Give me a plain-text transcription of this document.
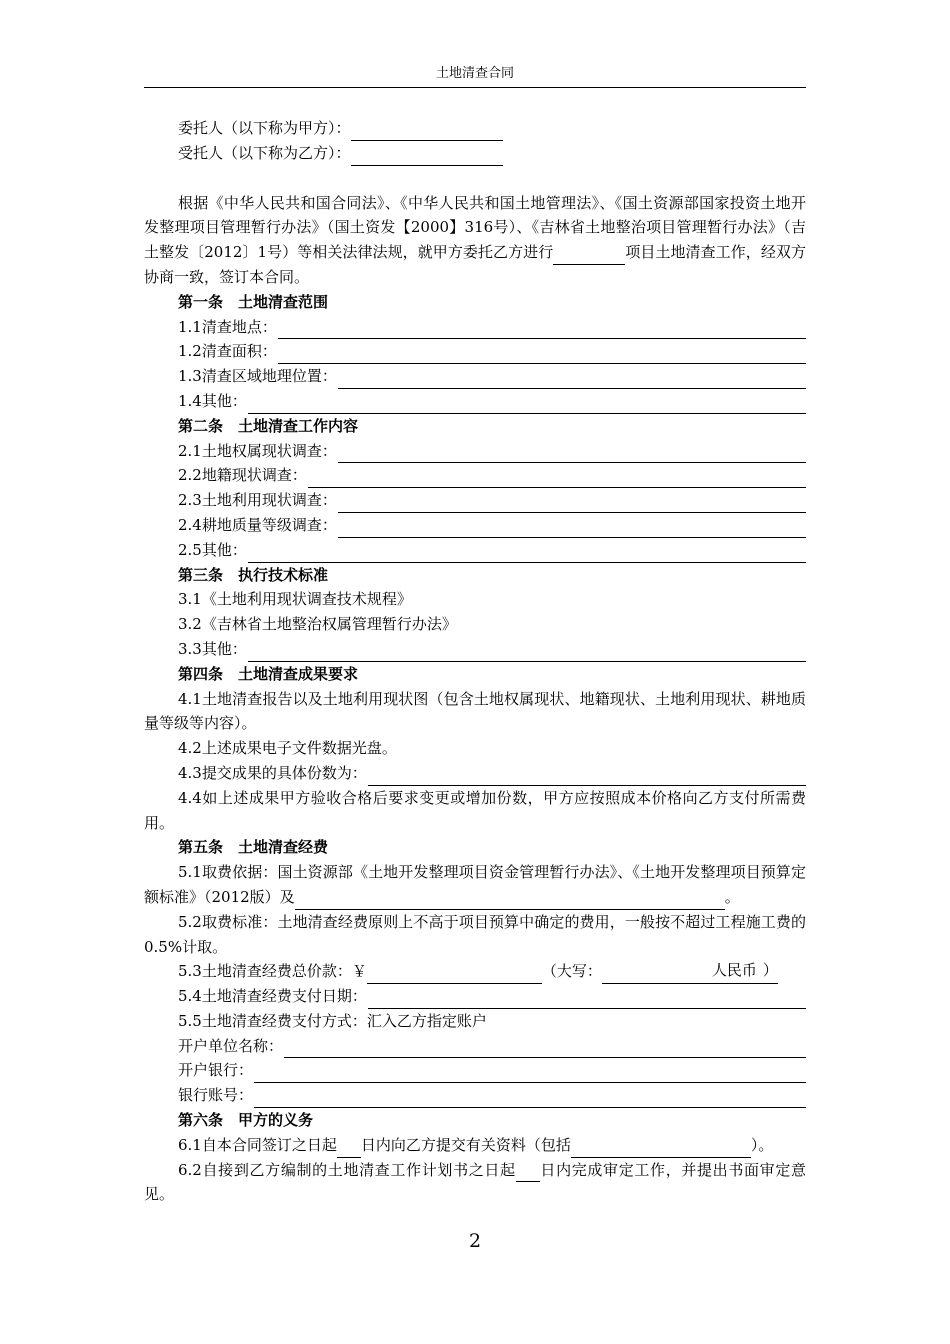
土地清查合同
委托人（以下称为甲方）：
受托人（以下称为乙方）：
根据《中华人民共和国合同法》、《中华人民共和国土地管理法》、《国土资源部国家投资土地开发整理项目管理暂行办法》（国土资发【2000】316号）、《吉林省土地整治项目管理暂行办法》（吉土整发〔2012〕1号）等相关法律法规，就甲方委托乙方进行	项目土地清查工作，经双方协商一致，签订本合同。
第一条　土地清查范围
1.1清查地点：
1.2清查面积：
1.3清查区域地理位置：
1.4其他：
第二条　土地清查工作内容
2.1土地权属现状调查：
2.2地籍现状调查：
2.3土地利用现状调查：
2.4耕地质量等级调查：
2.5其他：
第三条　执行技术标准
3.1《土地利用现状调查技术规程》
3.2《吉林省土地整治权属管理暂行办法》
3.3其他：
第四条　土地清查成果要求
4.1土地清查报告以及土地利用现状图（包含土地权属现状、地籍现状、土地利用现状、耕地质量等级等内容）。
4.2上述成果电子文件数据光盘。
4.3提交成果的具体份数为：
4.4如上述成果甲方验收合格后要求变更或增加份数，甲方应按照成本价格向乙方支付所需费用。
第五条　土地清查经费
5.1取费依据：国土资源部《土地开发整理项目资金管理暂行办法》、《土地开发整理项目预算定额标准》（2012版）及	。
5.2取费标准：土地清查经费原则上不高于项目预算中确定的费用，一般按不超过工程施工费的0.5%计取。
5.3土地清查经费总价款：￥	（大写：	人民币 ）
5.4土地清查经费支付日期：
5.5土地清查经费支付方式：汇入乙方指定账户
开户单位名称：
开户银行：
银行账号：
第六条　甲方的义务
6.1自本合同签订之日起 日内向乙方提交有关资料（包括	）。
6.2自接到乙方编制的土地清查工作计划书之日起 日内完成审定工作，并提出书面审定意见。
2
